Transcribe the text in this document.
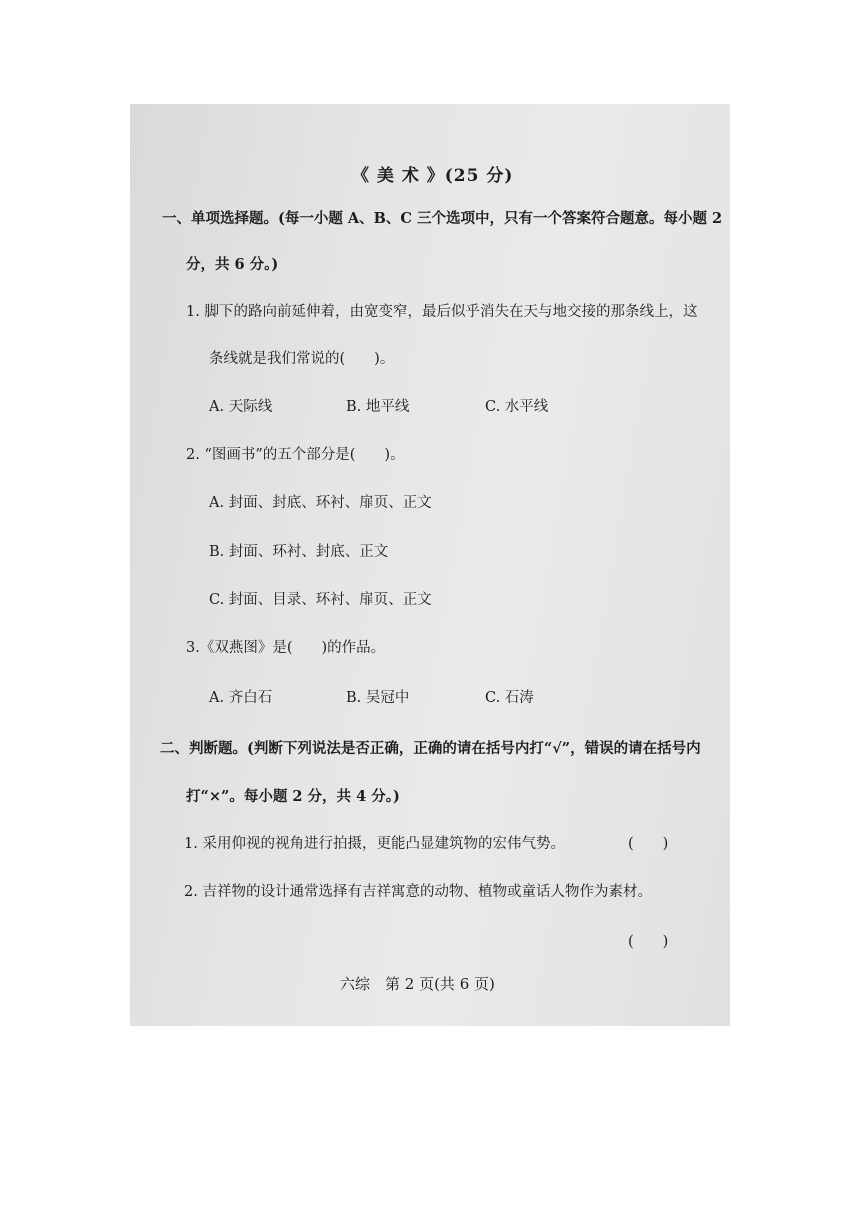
《 美 术 》(25 分)
一、单项选择题。(每一小题 A、B、C 三个选项中，只有一个答案符合题意。每小题 2
分，共 6 分。)
1. 脚下的路向前延伸着，由宽变窄，最后似乎消失在天与地交接的那条线上，这
条线就是我们常说的(　　)。
A. 天际线	B. 地平线	C. 水平线
2. “图画书”的五个部分是(　　)。
A. 封面、封底、环衬、扉页、正文
B. 封面、环衬、封底、正文
C. 封面、目录、环衬、扉页、正文
3.《双燕图》是(　　)的作品。
A. 齐白石	B. 吴冠中	C. 石涛
二、判断题。(判断下列说法是否正确，正确的请在括号内打“√”，错误的请在括号内
打“×”。每小题 2 分，共 4 分。)
1. 采用仰视的视角进行拍摄，更能凸显建筑物的宏伟气势。	(　　)
2. 吉祥物的设计通常选择有吉祥寓意的动物、植物或童话人物作为素材。
(　　)
六综　第 2 页(共 6 页)
